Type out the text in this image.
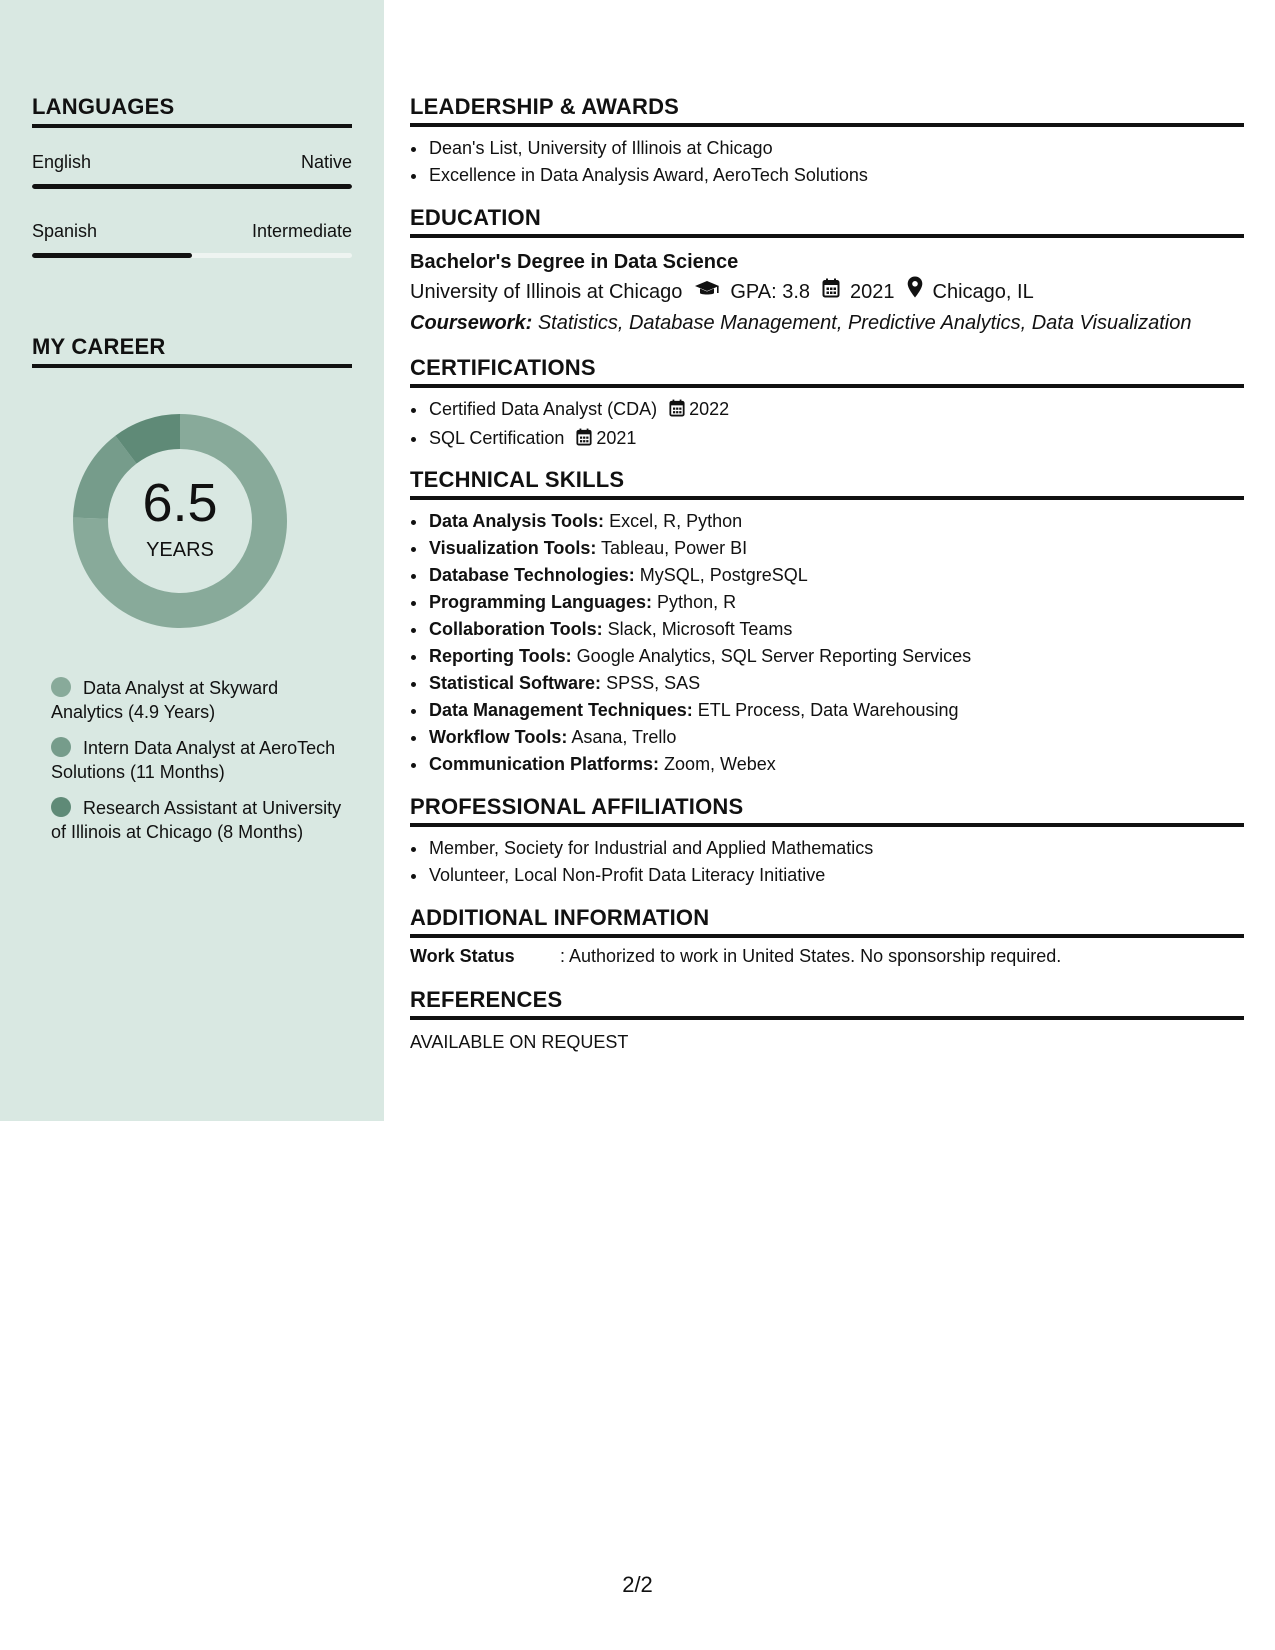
LANGUAGES
English	Native
Spanish	Intermediate
MY CAREER
6.5
YEARS
Data Analyst at Skyward Analytics (4.9 Years)
Intern Data Analyst at AeroTech Solutions (11 Months)
Research Assistant at University of Illinois at Chicago (8 Months)
LEADERSHIP & AWARDS
• Dean's List, University of Illinois at Chicago
• Excellence in Data Analysis Award, AeroTech Solutions
EDUCATION
Bachelor's Degree in Data Science
University of Illinois at Chicago GPA: 3.8 2021 Chicago, IL
Coursework: Statistics, Database Management, Predictive Analytics, Data Visualization
CERTIFICATIONS
• Certified Data Analyst (CDA) 2022
• SQL Certification 2021
TECHNICAL SKILLS
• Data Analysis Tools: Excel, R, Python
• Visualization Tools: Tableau, Power BI
• Database Technologies: MySQL, PostgreSQL
• Programming Languages: Python, R
• Collaboration Tools: Slack, Microsoft Teams
• Reporting Tools: Google Analytics, SQL Server Reporting Services
• Statistical Software: SPSS, SAS
• Data Management Techniques: ETL Process, Data Warehousing
• Workflow Tools: Asana, Trello
• Communication Platforms: Zoom, Webex
PROFESSIONAL AFFILIATIONS
• Member, Society for Industrial and Applied Mathematics
• Volunteer, Local Non-Profit Data Literacy Initiative
ADDITIONAL INFORMATION
Work Status	: Authorized to work in United States. No sponsorship required.
REFERENCES
AVAILABLE ON REQUEST
2/2
